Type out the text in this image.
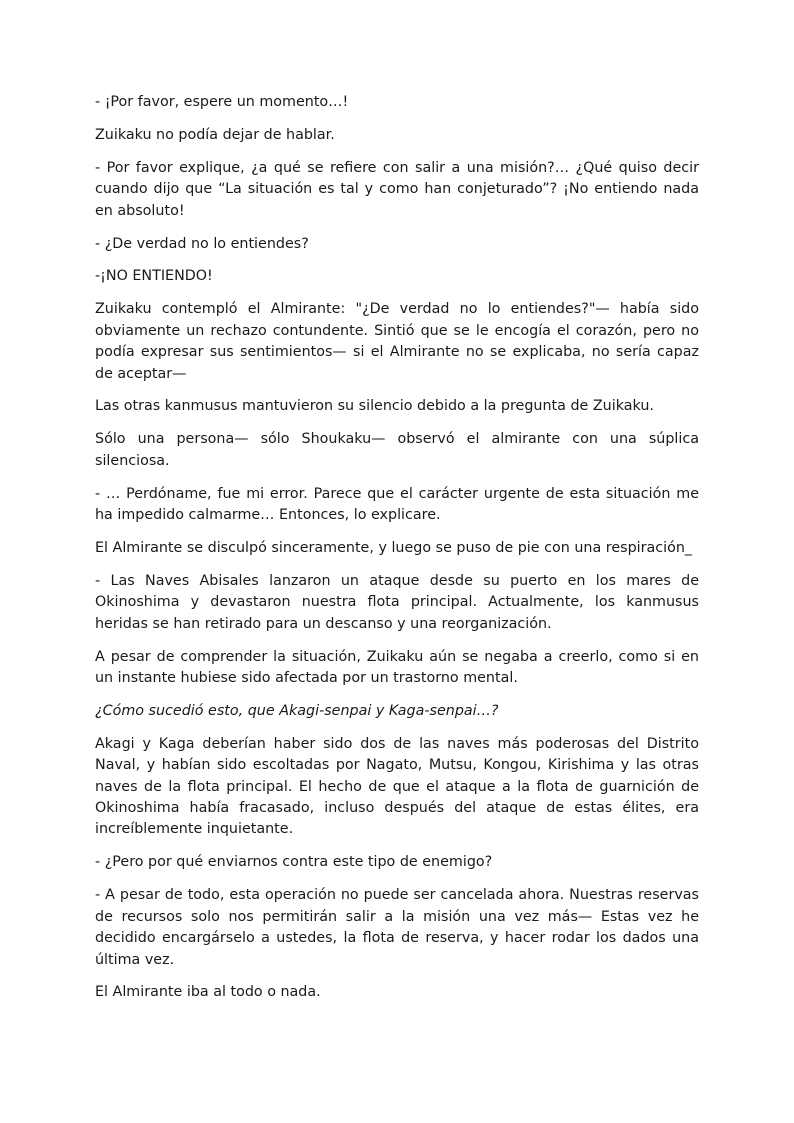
- ¡Por favor, espere un momento…!

Zuikaku no podía dejar de hablar.

- Por favor explique, ¿a qué se refiere con salir a una misión?… ¿Qué quiso decir cuando dijo que “La situación es tal y como han conjeturado”? ¡No entiendo nada en absoluto!

- ¿De verdad no lo entiendes?

-¡NO ENTIENDO!

Zuikaku contempló el Almirante: "¿De verdad no lo entiendes?"— había sido obviamente un rechazo contundente. Sintió que se le encogía el corazón, pero no podía expresar sus sentimientos— si el Almirante no se explicaba, no sería capaz de aceptar—

Las otras kanmusus mantuvieron su silencio debido a la pregunta de Zuikaku.

Sólo una persona— sólo Shoukaku— observó el almirante con una súplica silenciosa.

- … Perdóname, fue mi error. Parece que el carácter urgente de esta situación me ha impedido calmarme… Entonces, lo explicare.

El Almirante se disculpó sinceramente, y luego se puso de pie con una respiración_

- Las Naves Abisales lanzaron un ataque desde su puerto en los mares de Okinoshima y devastaron nuestra flota principal. Actualmente, los kanmusus heridas se han retirado para un descanso y una reorganización.

A pesar de comprender la situación, Zuikaku aún se negaba a creerlo, como si en un instante hubiese sido afectada por un trastorno mental.

¿Cómo sucedió esto, que Akagi-senpai y Kaga-senpai…?

Akagi y Kaga deberían haber sido dos de las naves más poderosas del Distrito Naval, y habían sido escoltadas por Nagato, Mutsu, Kongou, Kirishima y las otras naves de la flota principal. El hecho de que el ataque a la flota de guarnición de Okinoshima había fracasado, incluso después del ataque de estas élites, era increíblemente inquietante.

- ¿Pero por qué enviarnos contra este tipo de enemigo?

- A pesar de todo, esta operación no puede ser cancelada ahora. Nuestras reservas de recursos solo nos permitirán salir a la misión una vez más— Estas vez he decidido encargárselo a ustedes, la flota de reserva, y hacer rodar los dados una última vez.

El Almirante iba al todo o nada.
